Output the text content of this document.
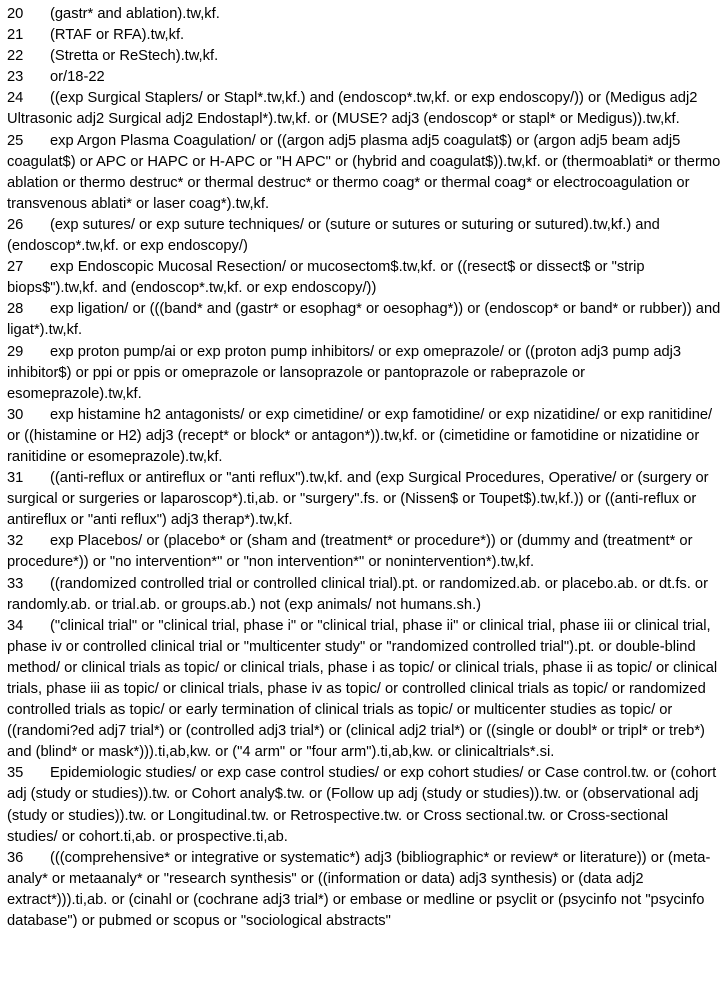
20 (gastr* and ablation).tw,kf.
21 (RTAF or RFA).tw,kf.
22 (Stretta or ReStech).tw,kf.
23 or/18-22
24 ((exp Surgical Staplers/ or Stapl*.tw,kf.) and (endoscop*.tw,kf. or exp endoscopy/)) or (Medigus adj2 Ultrasonic adj2 Surgical adj2 Endostapl*).tw,kf. or (MUSE? adj3 (endoscop* or stapl* or Medigus)).tw,kf.
25 exp Argon Plasma Coagulation/ or ((argon adj5 plasma adj5 coagulat$) or (argon adj5 beam adj5 coagulat$) or APC or HAPC or H-APC or "H APC" or (hybrid and coagulat$)).tw,kf. or (thermoablati* or thermo ablation or thermo destruc* or thermal destruc* or thermo coag* or thermal coag* or electrocoagulation or transvenous ablati* or laser coag*).tw,kf.
26 (exp sutures/ or exp suture techniques/ or (suture or sutures or suturing or sutured).tw,kf.) and (endoscop*.tw,kf. or exp endoscopy/)
27 exp Endoscopic Mucosal Resection/ or mucosectom$.tw,kf. or ((resect$ or dissect$ or "strip biops$").tw,kf. and (endoscop*.tw,kf. or exp endoscopy/))
28 exp ligation/ or (((band* and (gastr* or esophag* or oesophag*)) or (endoscop* or band* or rubber)) and ligat*).tw,kf.
29 exp proton pump/ai or exp proton pump inhibitors/ or exp omeprazole/ or ((proton adj3 pump adj3 inhibitor$) or ppi or ppis or omeprazole or lansoprazole or pantoprazole or rabeprazole or esomeprazole).tw,kf.
30 exp histamine h2 antagonists/ or exp cimetidine/ or exp famotidine/ or exp nizatidine/ or exp ranitidine/ or ((histamine or H2) adj3 (recept* or block* or antagon*)).tw,kf. or (cimetidine or famotidine or nizatidine or ranitidine or esomeprazole).tw,kf.
31 ((anti-reflux or antireflux or "anti reflux").tw,kf. and (exp Surgical Procedures, Operative/ or (surgery or surgical or surgeries or laparoscop*).ti,ab. or "surgery".fs. or (Nissen$ or Toupet$).tw,kf.)) or ((anti-reflux or antireflux or "anti reflux") adj3 therap*).tw,kf.
32 exp Placebos/ or (placebo* or (sham and (treatment* or procedure*)) or (dummy and (treatment* or procedure*)) or "no intervention*" or "non intervention*" or nonintervention*).tw,kf.
33 ((randomized controlled trial or controlled clinical trial).pt. or randomized.ab. or placebo.ab. or dt.fs. or randomly.ab. or trial.ab. or groups.ab.) not (exp animals/ not humans.sh.)
34 ("clinical trial" or "clinical trial, phase i" or "clinical trial, phase ii" or clinical trial, phase iii or clinical trial, phase iv or controlled clinical trial or "multicenter study" or "randomized controlled trial").pt. or double-blind method/ or clinical trials as topic/ or clinical trials, phase i as topic/ or clinical trials, phase ii as topic/ or clinical trials, phase iii as topic/ or clinical trials, phase iv as topic/ or controlled clinical trials as topic/ or randomized controlled trials as topic/ or early termination of clinical trials as topic/ or multicenter studies as topic/ or ((randomi?ed adj7 trial*) or (controlled adj3 trial*) or (clinical adj2 trial*) or ((single or doubl* or tripl* or treb*) and (blind* or mask*))).ti,ab,kw. or ("4 arm" or "four arm").ti,ab,kw. or clinicaltrials*.si.
35 Epidemiologic studies/ or exp case control studies/ or exp cohort studies/ or Case control.tw. or (cohort adj (study or studies)).tw. or Cohort analy$.tw. or (Follow up adj (study or studies)).tw. or (observational adj (study or studies)).tw. or Longitudinal.tw. or Retrospective.tw. or Cross sectional.tw. or Cross-sectional studies/ or cohort.ti,ab. or prospective.ti,ab.
36 (((comprehensive* or integrative or systematic*) adj3 (bibliographic* or review* or literature)) or (meta-analy* or metaanaly* or "research synthesis" or ((information or data) adj3 synthesis) or (data adj2 extract*))).ti,ab. or (cinahl or (cochrane adj3 trial*) or embase or medline or psyclit or (psycinfo not "psycinfo database") or pubmed or scopus or "sociological abstracts"
